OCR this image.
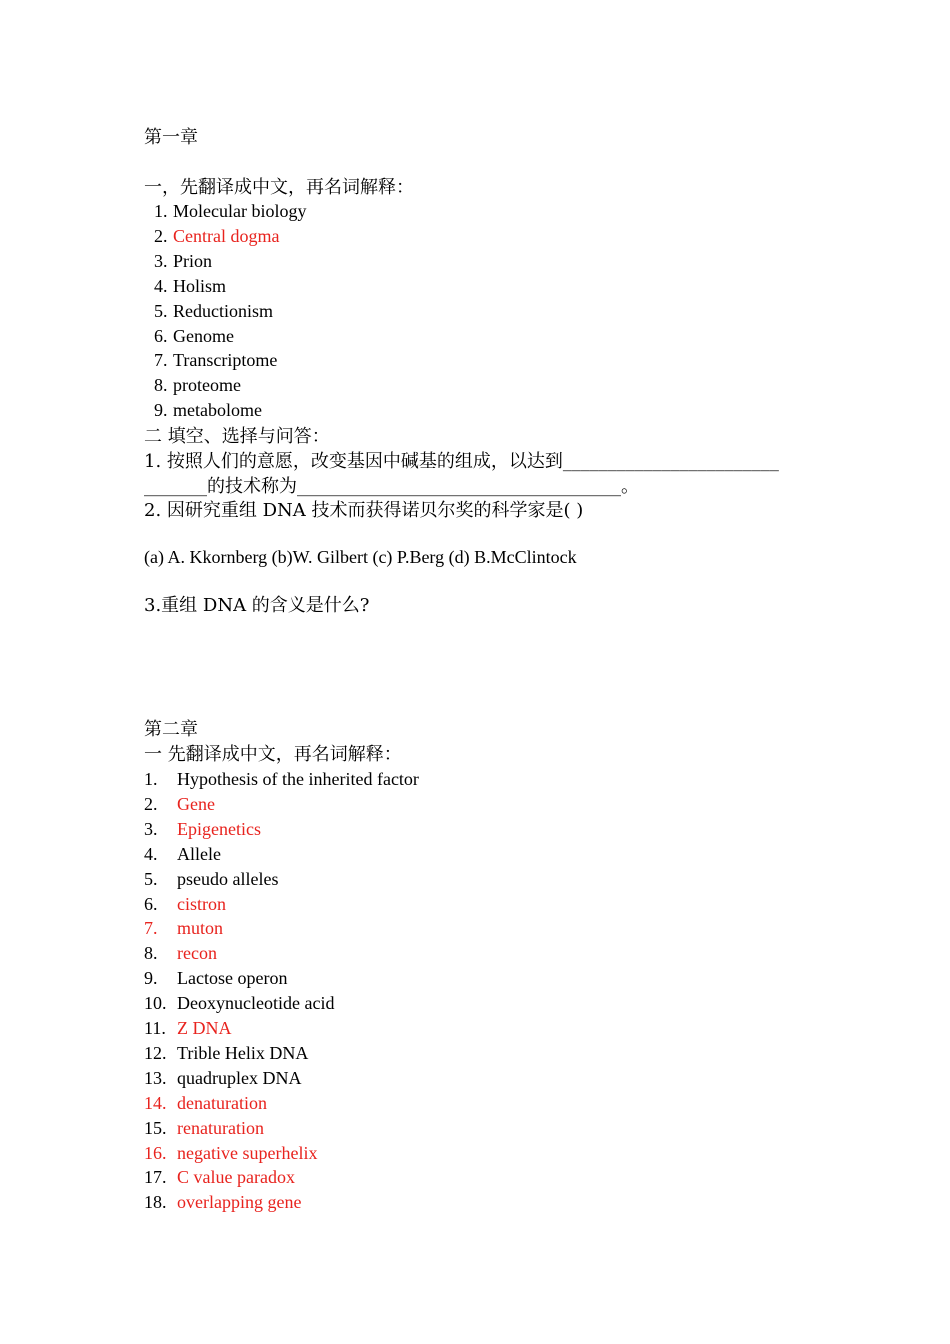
第一章
一，先翻译成中文，再名词解释：
1. Molecular biology
2. Central dogma
3. Prion
4. Holism
5. Reductionism
6. Genome
7. Transcriptome
8. proteome
9. metabolome
二 填空、选择与问答：
1. 按照人们的意愿，改变基因中碱基的组成，以达到________________________
_______的技术称为____________________________________。
2. 因研究重组 DNA 技术而获得诺贝尔奖的科学家是( )
(a) A. Kkornberg (b)W. Gilbert (c) P.Berg (d) B.McClintock
3.重组 DNA 的含义是什么?
第二章
一 先翻译成中文，再名词解释：
1. Hypothesis of the inherited factor
2. Gene
3. Epigenetics
4. Allele
5. pseudo alleles
6. cistron
7. muton
8. recon
9. Lactose operon
10. Deoxynucleotide acid
11. Z DNA
12. Trible Helix DNA
13. quadruplex DNA
14. denaturation
15. renaturation
16. negative superhelix
17. C value paradox
18. overlapping gene
